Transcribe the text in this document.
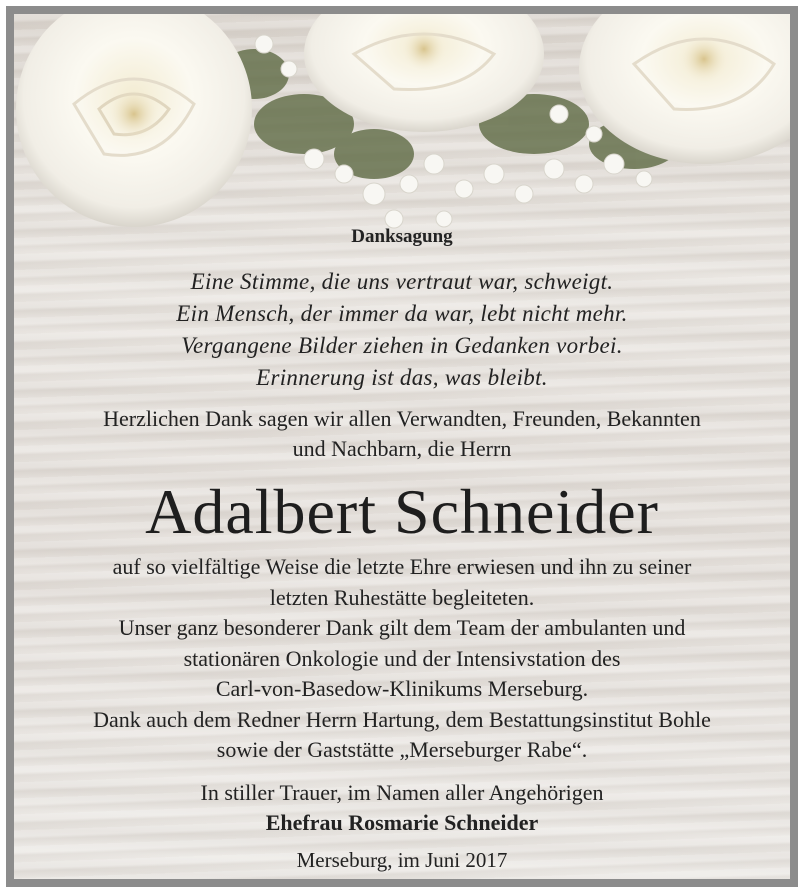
Danksagung
Eine Stimme, die uns vertraut war, schweigt.
Ein Mensch, der immer da war, lebt nicht mehr.
Vergangene Bilder ziehen in Gedanken vorbei.
Erinnerung ist das, was bleibt.
Herzlichen Dank sagen wir allen Verwandten, Freunden, Bekannten
und Nachbarn, die Herrn
Adalbert Schneider
auf so vielfältige Weise die letzte Ehre erwiesen und ihn zu seiner
letzten Ruhestätte begleiteten.
Unser ganz besonderer Dank gilt dem Team der ambulanten und
stationären Onkologie und der Intensivstation des
Carl-von-Basedow-Klinikums Merseburg.
Dank auch dem Redner Herrn Hartung, dem Bestattungsinstitut Bohle
sowie der Gaststätte „Merseburger Rabe“.
In stiller Trauer, im Namen aller Angehörigen
Ehefrau Rosmarie Schneider
Merseburg, im Juni 2017
